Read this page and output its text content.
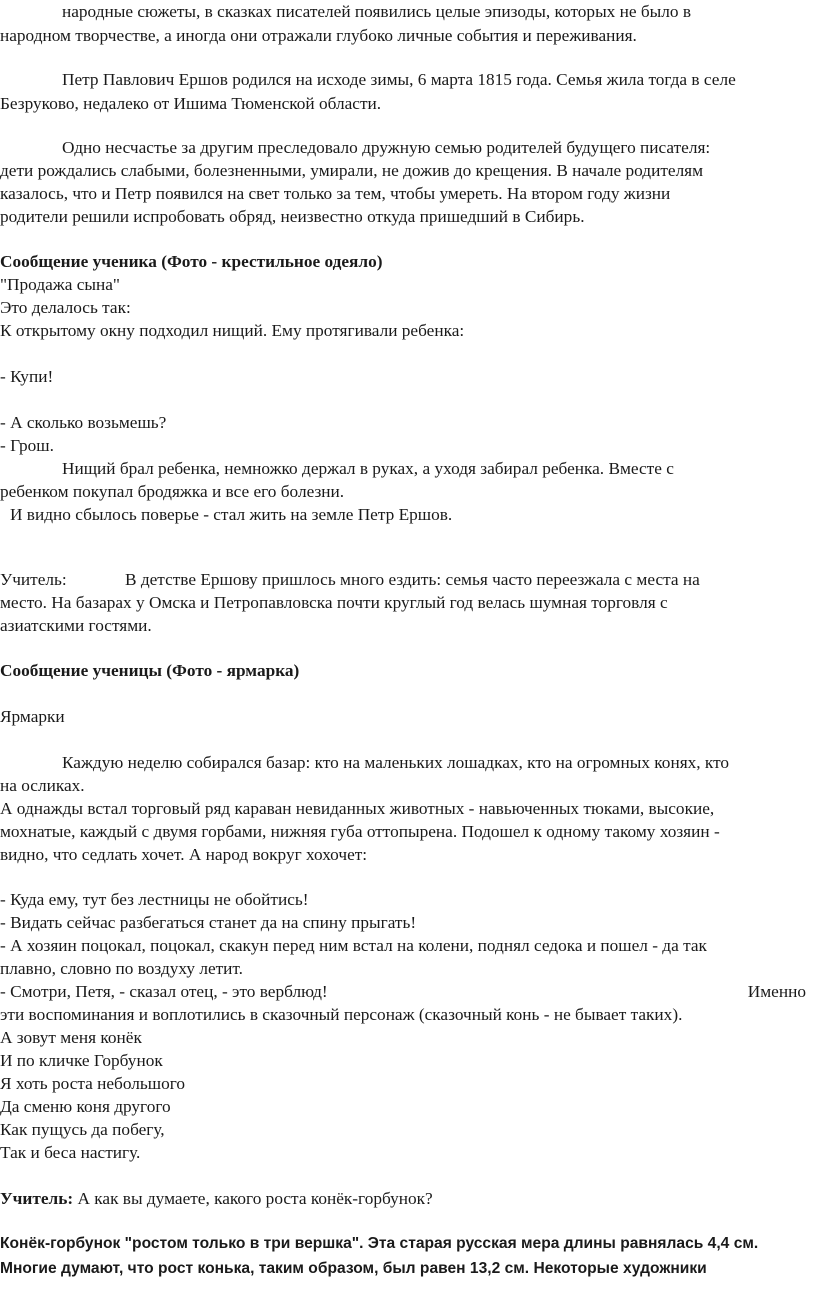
народные сюжеты, в сказках писателей появились целые эпизоды, которых не было в
народном творчестве, а иногда они отражали глубоко личные события и переживания.
Петр Павлович Ершов родился на исходе зимы, 6 марта 1815 года. Семья жила тогда в селе
Безруково, недалеко от Ишима Тюменской области.
Одно несчастье за другим преследовало дружную семью родителей будущего писателя:
дети рождались слабыми, болезненными, умирали, не дожив до крещения. В начале родителям
казалось, что и Петр появился на свет только за тем, чтобы умереть. На втором году жизни
родители решили испробовать обряд, неизвестно откуда пришедший в Сибирь.
Сообщение ученика (Фото - крестильное одеяло)
"Продажа сына"
Это делалось так:
К открытому окну подходил нищий. Ему протягивали ребенка:
- Купи!
- А сколько возьмешь?
- Грош.
Нищий брал ребенка, немножко держал в руках, а уходя забирал ребенка. Вместе с
ребенком покупал бродяжка и все его болезни.
И видно сбылось поверье - стал жить на земле Петр Ершов.
Учитель:	В детстве Ершову пришлось много ездить: семья часто переезжала с места на
место. На базарах у Омска и Петропавловска почти круглый год велась шумная торговля с
азиатскими гостями.
Сообщение ученицы (Фото - ярмарка)
Ярмарки
Каждую неделю собирался базар: кто на маленьких лошадках, кто на огромных конях, кто
на осликах.
А однажды встал торговый ряд караван невиданных животных - навьюченных тюками, высокие,
мохнатые, каждый с двумя горбами, нижняя губа оттопырена. Подошел к одному такому хозяин -
видно, что седлать хочет. А народ вокруг хохочет:
- Куда ему, тут без лестницы не обойтись!
- Видать сейчас разбегаться станет да на спину прыгать!
- А хозяин поцокал, поцокал, скакун перед ним встал на колени, поднял седока и пошел - да так
плавно, словно по воздуху летит.
- Смотри, Петя, - сказал отец, - это верблюд!	Именно
эти воспоминания и воплотились в сказочный персонаж (сказочный конь - не бывает таких).
А зовут меня конёк
И по кличке Горбунок
Я хоть роста небольшого
Да сменю коня другого
Как пущусь да побегу,
Так и беса настигу.
Учитель: А как вы думаете, какого роста конёк-горбунок?
Конёк-горбунок "ростом только в три вершка". Эта старая русская мера длины равнялась 4,4 см.
Многие думают, что рост конька, таким образом, был равен 13,2 см. Некоторые художники
